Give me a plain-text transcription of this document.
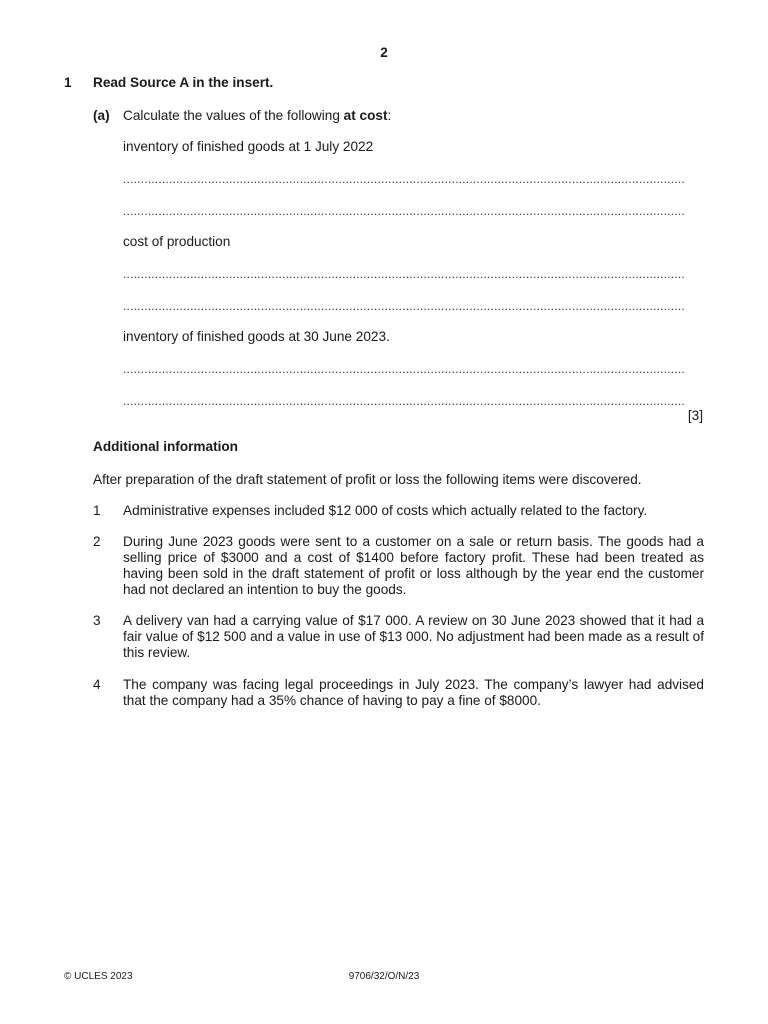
2
1 Read Source A in the insert.
(a) Calculate the values of the following at cost:
inventory of finished goods at 1 July 2022
...............................................................................................................................................................
...............................................................................................................................................................
cost of production
...............................................................................................................................................................
...............................................................................................................................................................
inventory of finished goods at 30 June 2023.
...............................................................................................................................................................
...............................................................................................................................................................
[3]
Additional information
After preparation of the draft statement of profit or loss the following items were discovered.
1 Administrative expenses included $12 000 of costs which actually related to the factory.
2 During June 2023 goods were sent to a customer on a sale or return basis. The goods had a selling price of $3000 and a cost of $1400 before factory profit. These had been treated as having been sold in the draft statement of profit or loss although by the year end the customer had not declared an intention to buy the goods.
3 A delivery van had a carrying value of $17 000. A review on 30 June 2023 showed that it had a fair value of $12 500 and a value in use of $13 000. No adjustment had been made as a result of this review.
4 The company was facing legal proceedings in July 2023. The company’s lawyer had advised that the company had a 35% chance of having to pay a fine of $8000.
© UCLES 2023	9706/32/O/N/23
